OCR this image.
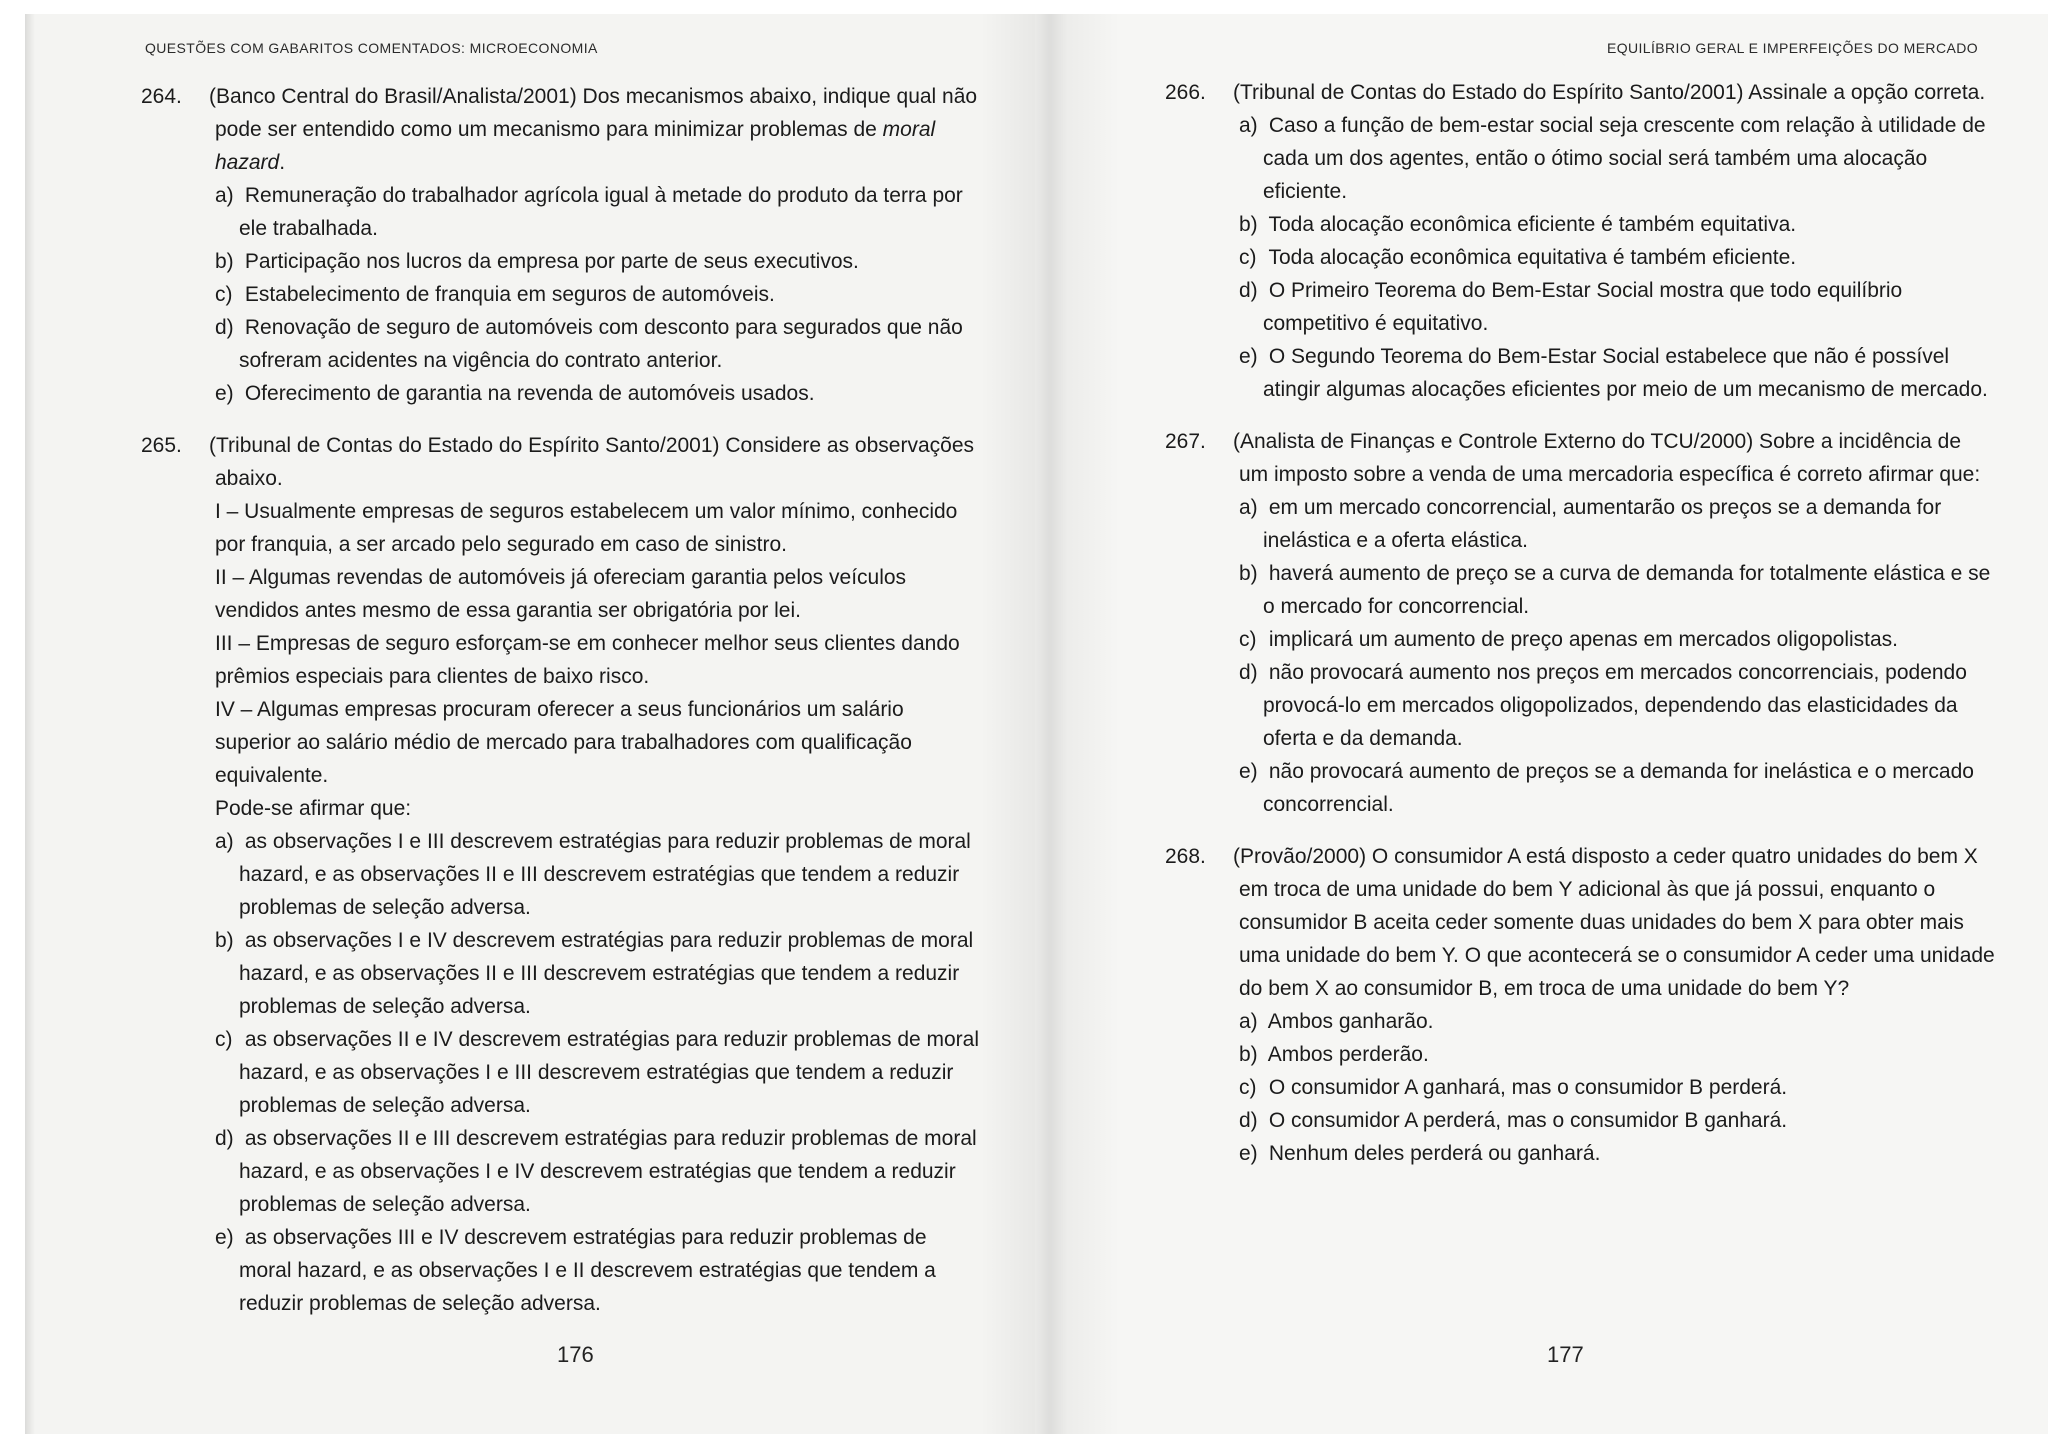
QUESTÕES COM GABARITOS COMENTADOS: MICROECONOMIA
264. (Banco Central do Brasil/Analista/2001) Dos mecanismos abaixo, indique qual não pode ser entendido como um mecanismo para minimizar problemas de moral hazard.
a) Remuneração do trabalhador agrícola igual à metade do produto da terra por ele trabalhada.
b) Participação nos lucros da empresa por parte de seus executivos.
c) Estabelecimento de franquia em seguros de automóveis.
d) Renovação de seguro de automóveis com desconto para segurados que não sofreram acidentes na vigência do contrato anterior.
e) Oferecimento de garantia na revenda de automóveis usados.
265. (Tribunal de Contas do Estado do Espírito Santo/2001) Considere as observações abaixo.
I – Usualmente empresas de seguros estabelecem um valor mínimo, conhecido por franquia, a ser arcado pelo segurado em caso de sinistro.
II – Algumas revendas de automóveis já ofereciam garantia pelos veículos vendidos antes mesmo de essa garantia ser obrigatória por lei.
III – Empresas de seguro esforçam-se em conhecer melhor seus clientes dando prêmios especiais para clientes de baixo risco.
IV – Algumas empresas procuram oferecer a seus funcionários um salário superior ao salário médio de mercado para trabalhadores com qualificação equivalente.
Pode-se afirmar que:
a) as observações I e III descrevem estratégias para reduzir problemas de moral hazard, e as observações II e III descrevem estratégias que tendem a reduzir problemas de seleção adversa.
b) as observações I e IV descrevem estratégias para reduzir problemas de moral hazard, e as observações II e III descrevem estratégias que tendem a reduzir problemas de seleção adversa.
c) as observações II e IV descrevem estratégias para reduzir problemas de moral hazard, e as observações I e III descrevem estratégias que tendem a reduzir problemas de seleção adversa.
d) as observações II e III descrevem estratégias para reduzir problemas de moral hazard, e as observações I e IV descrevem estratégias que tendem a reduzir problemas de seleção adversa.
e) as observações III e IV descrevem estratégias para reduzir problemas de moral hazard, e as observações I e II descrevem estratégias que tendem a reduzir problemas de seleção adversa.
176
EQUILÍBRIO GERAL E IMPERFEIÇÕES DO MERCADO
266. (Tribunal de Contas do Estado do Espírito Santo/2001) Assinale a opção correta.
a) Caso a função de bem-estar social seja crescente com relação à utilidade de cada um dos agentes, então o ótimo social será também uma alocação eficiente.
b) Toda alocação econômica eficiente é também equitativa.
c) Toda alocação econômica equitativa é também eficiente.
d) O Primeiro Teorema do Bem-Estar Social mostra que todo equilíbrio competitivo é equitativo.
e) O Segundo Teorema do Bem-Estar Social estabelece que não é possível atingir algumas alocações eficientes por meio de um mecanismo de mercado.
267. (Analista de Finanças e Controle Externo do TCU/2000) Sobre a incidência de um imposto sobre a venda de uma mercadoria específica é correto afirmar que:
a) em um mercado concorrencial, aumentarão os preços se a demanda for inelástica e a oferta elástica.
b) haverá aumento de preço se a curva de demanda for totalmente elástica e se o mercado for concorrencial.
c) implicará um aumento de preço apenas em mercados oligopolistas.
d) não provocará aumento nos preços em mercados concorrenciais, podendo provocá-lo em mercados oligopolizados, dependendo das elasticidades da oferta e da demanda.
e) não provocará aumento de preços se a demanda for inelástica e o mercado concorrencial.
268. (Provão/2000) O consumidor A está disposto a ceder quatro unidades do bem X em troca de uma unidade do bem Y adicional às que já possui, enquanto o consumidor B aceita ceder somente duas unidades do bem X para obter mais uma unidade do bem Y. O que acontecerá se o consumidor A ceder uma unidade do bem X ao consumidor B, em troca de uma unidade do bem Y?
a) Ambos ganharão.
b) Ambos perderão.
c) O consumidor A ganhará, mas o consumidor B perderá.
d) O consumidor A perderá, mas o consumidor B ganhará.
e) Nenhum deles perderá ou ganhará.
177
